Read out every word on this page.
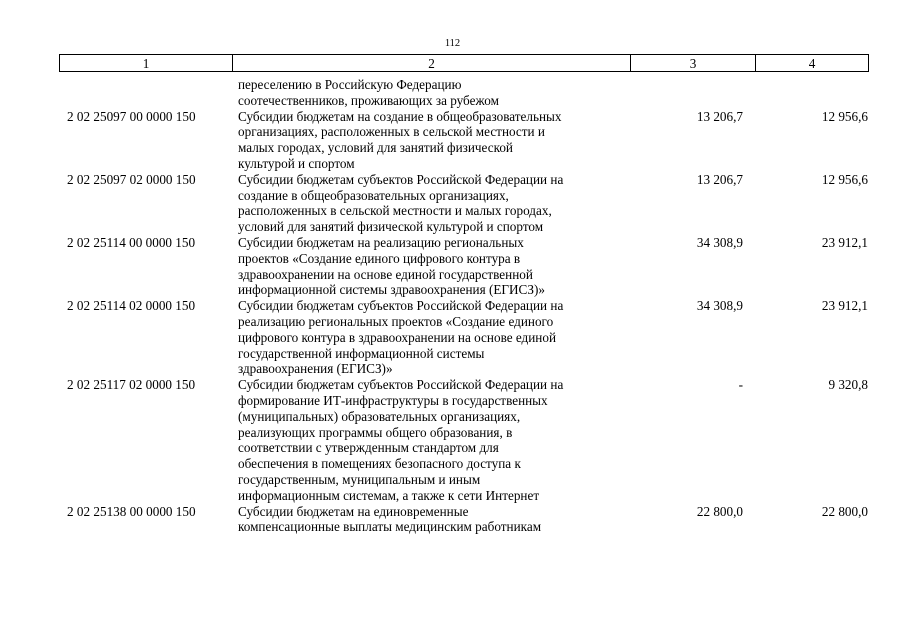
112
1	2	3	4
переселению в Российскую Федерацию
соотечественников, проживающих за рубежом
2 02 25097 00 0000 150	Субсидии бюджетам на создание в общеобразовательных
организациях, расположенных в сельской местности и
малых городах, условий для занятий физической
культурой и спортом
13 206,7	12 956,6
2 02 25097 02 0000 150	Субсидии бюджетам субъектов Российской Федерации на
создание в общеобразовательных организациях,
расположенных в сельской местности и малых городах,
условий для занятий физической культурой и спортом
13 206,7	12 956,6
2 02 25114 00 0000 150	Субсидии бюджетам на реализацию региональных
проектов «Создание единого цифрового контура в
здравоохранении на основе единой государственной
информационной системы здравоохранения (ЕГИСЗ)»
34 308,9	23 912,1
2 02 25114 02 0000 150	Субсидии бюджетам субъектов Российской Федерации на
реализацию региональных проектов «Создание единого
цифрового контура в здравоохранении на основе единой
государственной информационной системы
здравоохранения (ЕГИСЗ)»
34 308,9	23 912,1
2 02 25117 02 0000 150	Субсидии бюджетам субъектов Российской Федерации на
формирование ИТ-инфраструктуры в государственных
(муниципальных) образовательных организациях,
реализующих программы общего образования, в
соответствии с утвержденным стандартом для
обеспечения в помещениях безопасного доступа к
государственным, муниципальным и иным
информационным системам, а также к сети Интернет
-	9 320,8
2 02 25138 00 0000 150	Субсидии бюджетам на единовременные
компенсационные выплаты медицинским работникам
22 800,0	22 800,0
